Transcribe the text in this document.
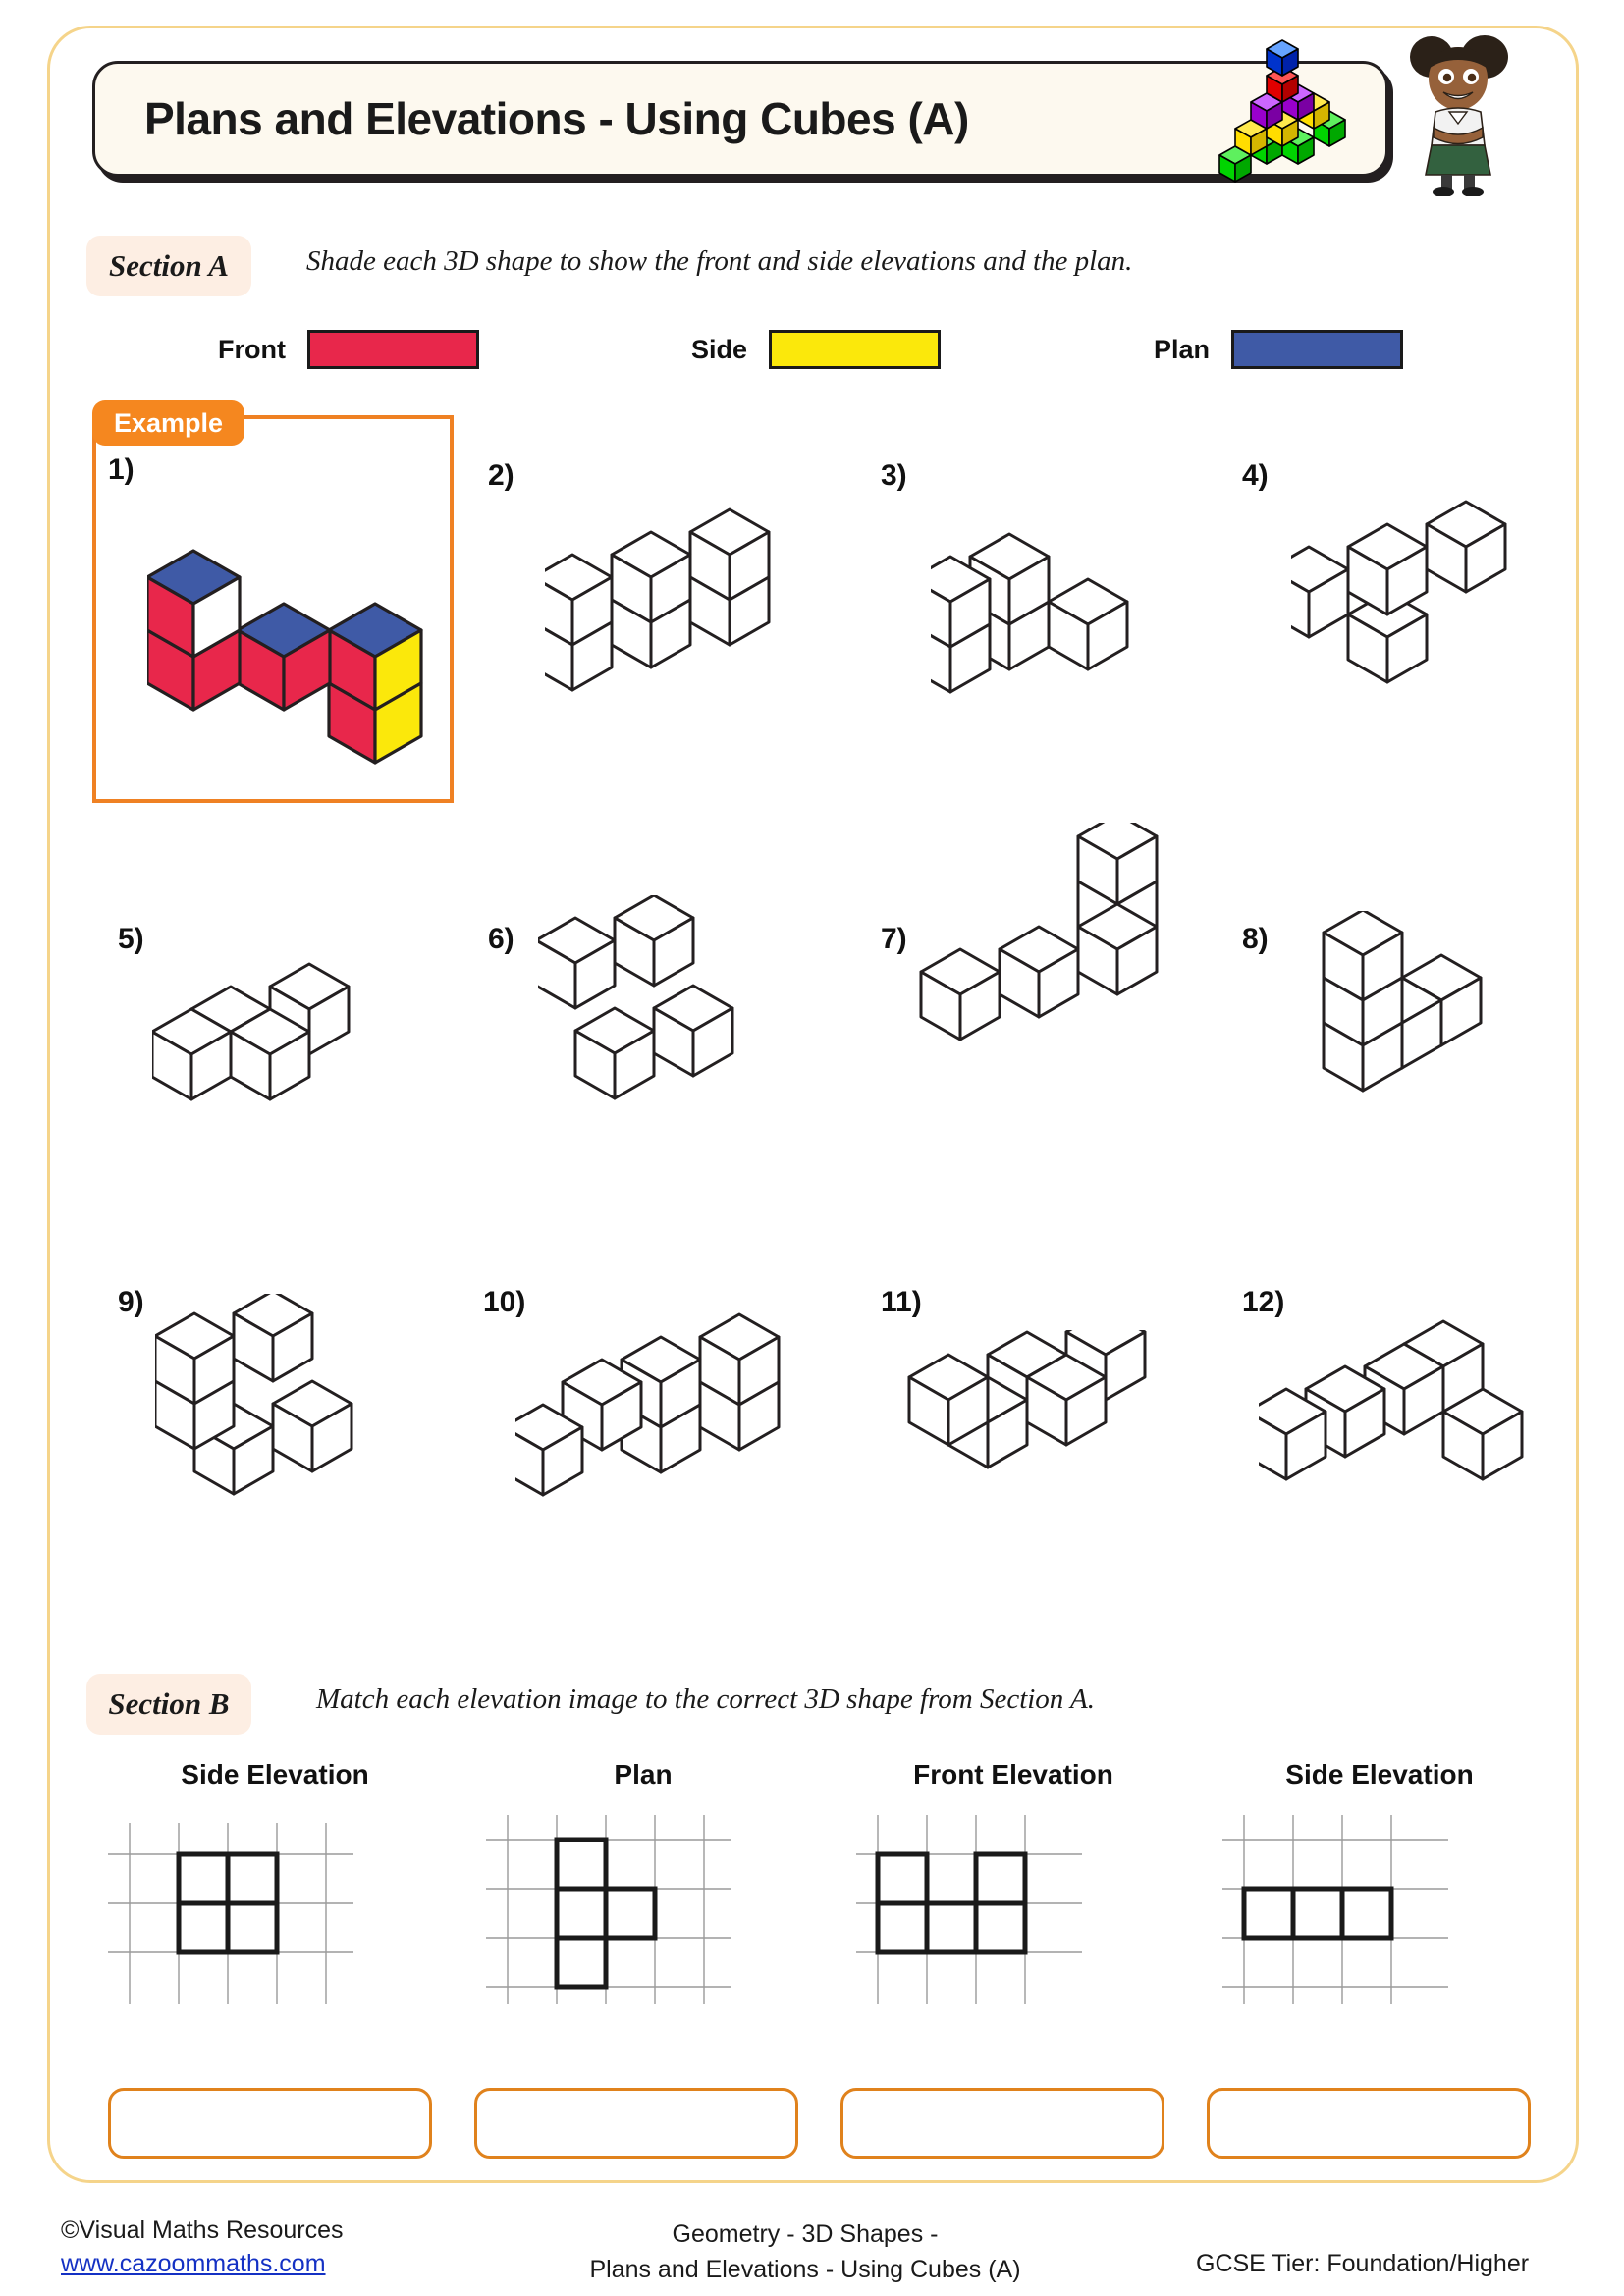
Plans and Elevations - Using Cubes (A)
Section A	Shade each 3D shape to show the front and side elevations and the plan.
Front	Side	Plan
Example
1)	2)	3)	4)
5)	6)	7)	8)
9)	10)	11)	12)
Section B	Match each elevation image to the correct 3D shape from Section A.
Side Elevation	Plan	Front Elevation	Side Elevation
©Visual Maths Resources
www.cazoommaths.com
Geometry - 3D Shapes -
Plans and Elevations - Using Cubes (A)	GCSE Tier: Foundation/Higher
